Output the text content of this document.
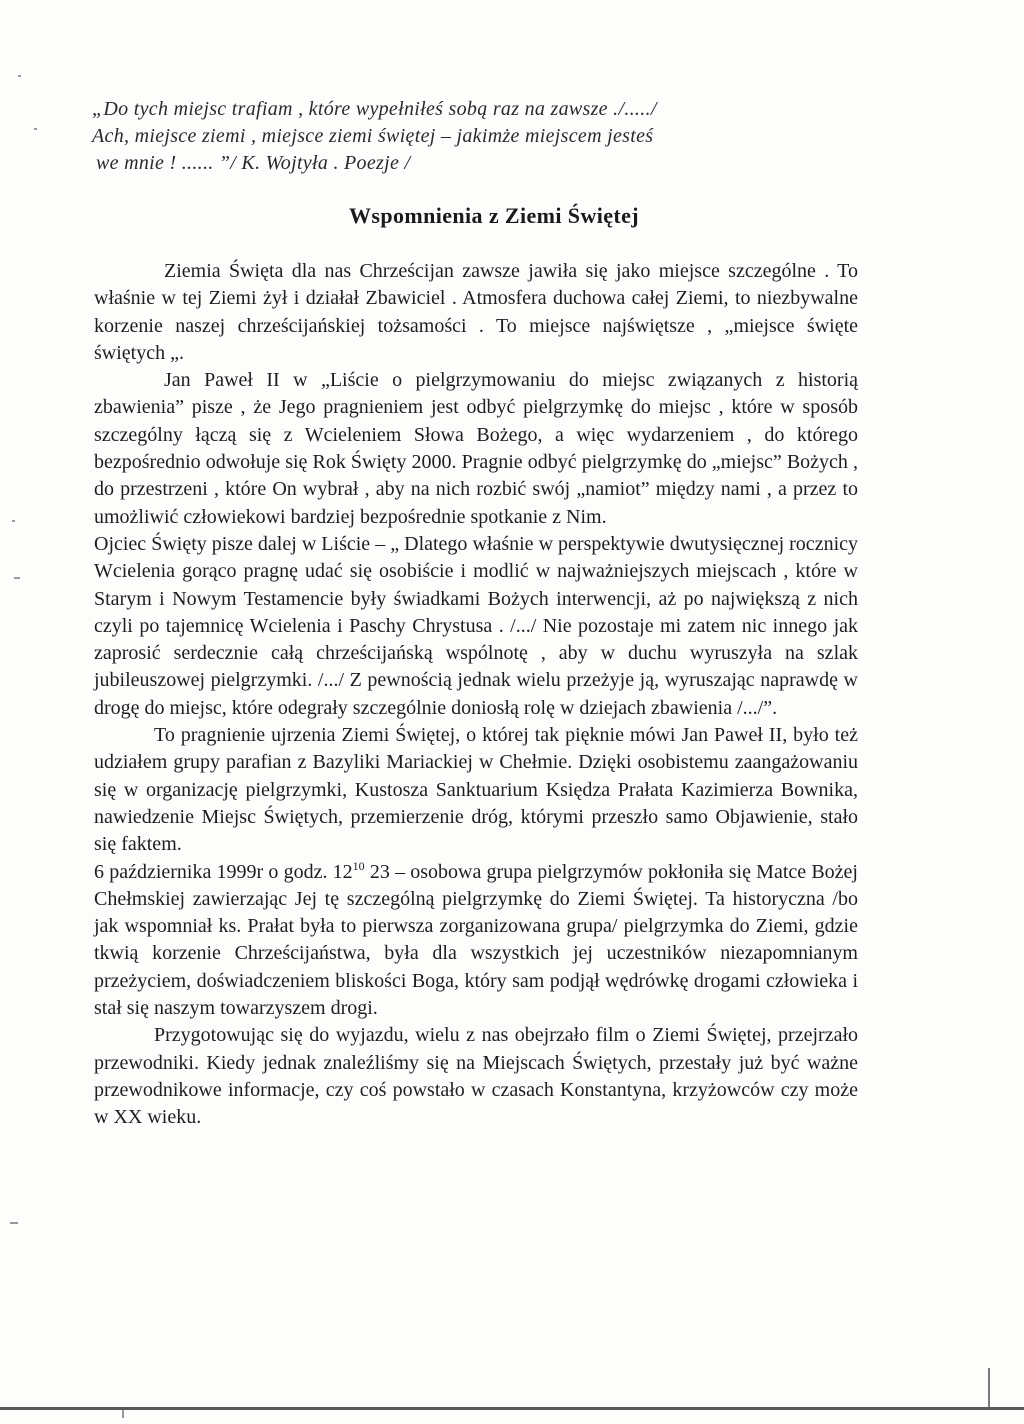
„Do tych miejsc trafiam , które wypełniłeś sobą raz na zawsze ./...../
Ach, miejsce ziemi , miejsce ziemi świętej – jakimże miejscem jesteś
we mnie ! ...... ”/ K. Wojtyła . Poezje /
Wspomnienia z Ziemi Świętej

Ziemia Święta dla nas Chrześcijan zawsze jawiła się jako miejsce szczególne . To właśnie w tej Ziemi żył i działał Zbawiciel . Atmosfera duchowa całej Ziemi, to niezbywalne korzenie naszej chrześcijańskiej tożsamości . To miejsce najświętsze , „miejsce święte świętych „.

Jan Paweł II w „Liście o pielgrzymowaniu do miejsc związanych z historią zbawienia” pisze , że Jego pragnieniem jest odbyć pielgrzymkę do miejsc , które w sposób szczególny łączą się z Wcieleniem Słowa Bożego, a więc wydarzeniem , do którego bezpośrednio odwołuje się Rok Święty 2000. Pragnie odbyć pielgrzymkę do „miejsc” Bożych , do przestrzeni , które On wybrał , aby na nich rozbić swój „namiot” między nami , a przez to umożliwić człowiekowi bardziej bezpośrednie spotkanie z Nim.

Ojciec Święty pisze dalej w Liście – „ Dlatego właśnie w perspektywie dwutysięcznej rocznicy Wcielenia gorąco pragnę udać się osobiście i modlić w najważniejszych miejscach , które w Starym i Nowym Testamencie były świadkami Bożych interwencji, aż po największą z nich czyli po tajemnicę Wcielenia i Paschy Chrystusa . /.../ Nie pozostaje mi zatem nic innego jak zaprosić serdecznie całą chrześcijańską wspólnotę , aby w duchu wyruszyła na szlak jubileuszowej pielgrzymki. /.../ Z pewnością jednak wielu przeżyje ją, wyruszając naprawdę w drogę do miejsc, które odegrały szczególnie doniosłą rolę w dziejach zbawienia /.../”.

To pragnienie ujrzenia Ziemi Świętej, o której tak pięknie mówi Jan Paweł II, było też udziałem grupy parafian z Bazyliki Mariackiej w Chełmie. Dzięki osobistemu zaangażowaniu się w organizację pielgrzymki, Kustosza Sanktuarium Księdza Prałata Kazimierza Bownika, nawiedzenie Miejsc Świętych, przemierzenie dróg, którymi przeszło samo Objawienie, stało się faktem.

6 października 1999r o godz. $12^{10}$ 23 – osobowa grupa pielgrzymów pokłoniła się Matce Bożej Chełmskiej zawierzając Jej tę szczególną pielgrzymkę do Ziemi Świętej. Ta historyczna /bo jak wspomniał ks. Prałat była to pierwsza zorganizowana grupa/ pielgrzymka do Ziemi, gdzie tkwią korzenie Chrześcijaństwa, była dla wszystkich jej uczestników niezapomnianym przeżyciem, doświadczeniem bliskości Boga, który sam podjął wędrówkę drogami człowieka i stał się naszym towarzyszem drogi.

Przygotowując się do wyjazdu, wielu z nas obejrzało film o Ziemi Świętej, przejrzało przewodniki. Kiedy jednak znaleźliśmy się na Miejscach Świętych, przestały już być ważne przewodnikowe informacje, czy coś powstało w czasach Konstantyna, krzyżowców czy może w XX wieku.
